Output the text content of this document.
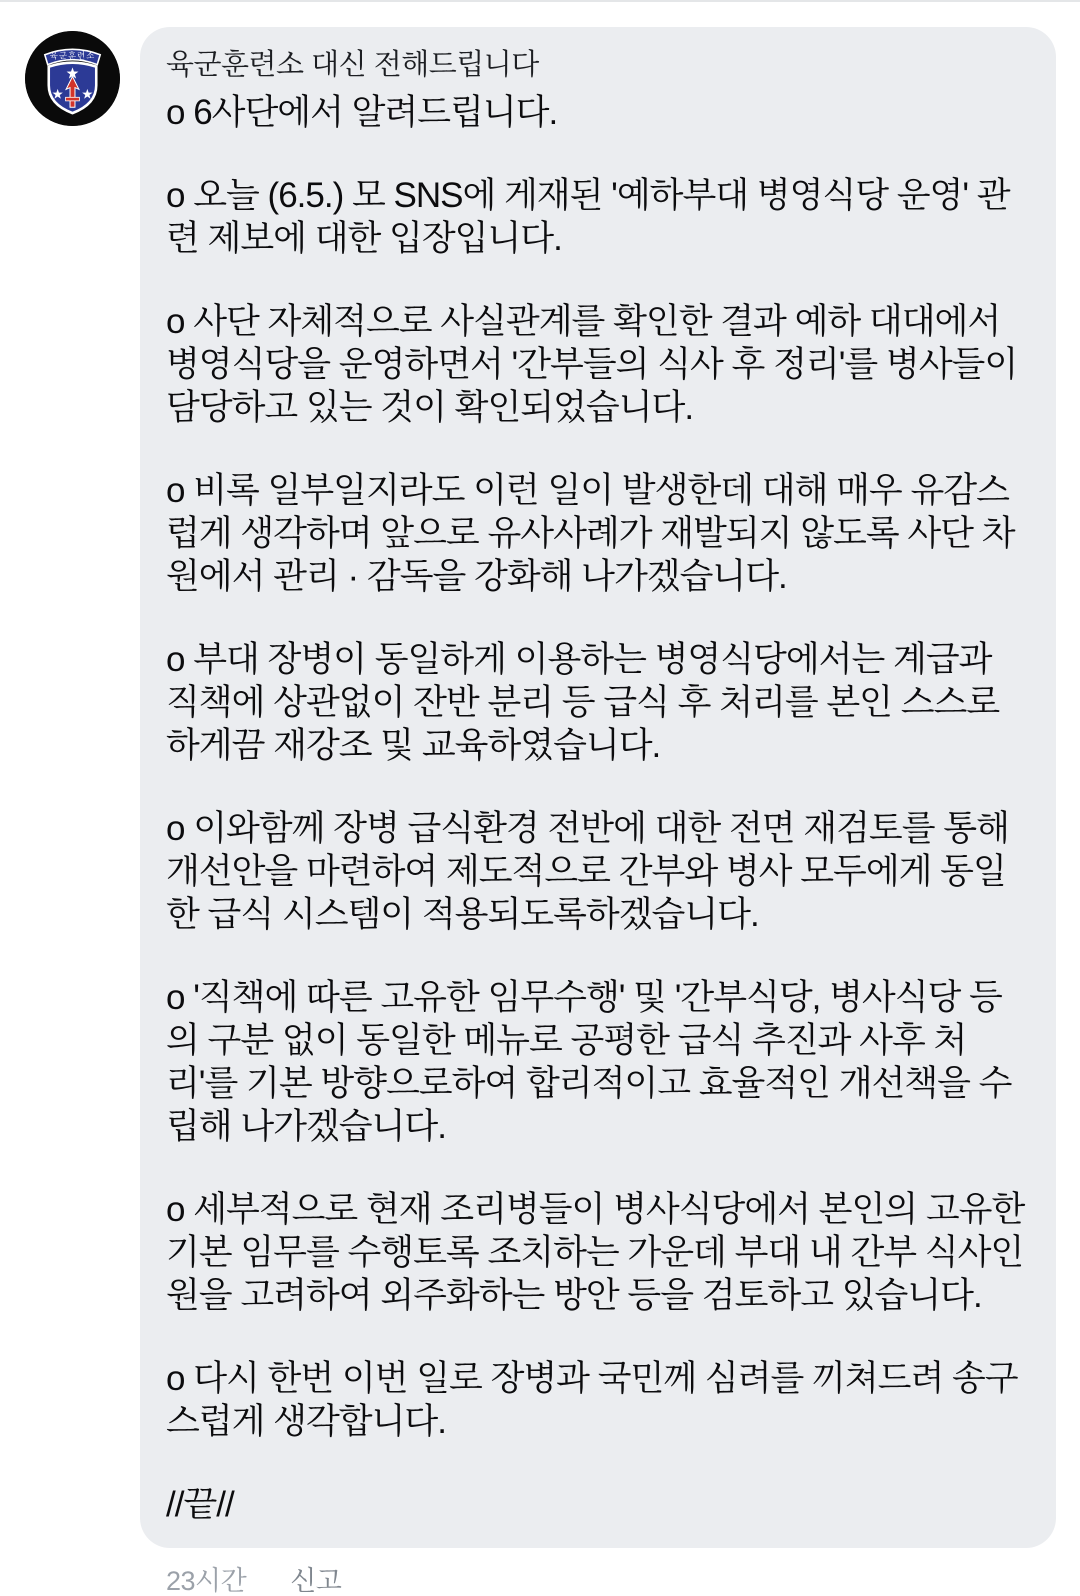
육군훈련소 육군훈련소 대신 전해드립니다

o 6사단에서 알려드립니다.

o 오늘 (6.5.) 모 SNS에 게재된 '예하부대 병영식당 운영' 관련 제보에 대한 입장입니다.

o 사단 자체적으로 사실관계를 확인한 결과 예하 대대에서 병영식당을 운영하면서 '간부들의 식사 후 정리'를 병사들이 담당하고 있는 것이 확인되었습니다.

o 비록 일부일지라도 이런 일이 발생한데 대해 매우 유감스럽게 생각하며 앞으로 유사사례가 재발되지 않도록 사단 차원에서 관리 · 감독을 강화해 나가겠습니다.

o 부대 장병이 동일하게 이용하는 병영식당에서는 계급과 직책에 상관없이 잔반 분리 등 급식 후 처리를 본인 스스로 하게끔 재강조 및 교육하였습니다.

o 이와함께 장병 급식환경 전반에 대한 전면 재검토를 통해 개선안을 마련하여 제도적으로 간부와 병사 모두에게 동일한 급식 시스템이 적용되도록하겠습니다.

o '직책에 따른 고유한 임무수행' 및 '간부식당, 병사식당 등의 구분 없이 동일한 메뉴로 공평한 급식 추진과 사후 처리'를 기본 방향으로하여 합리적이고 효율적인 개선책을 수립해 나가겠습니다.

o 세부적으로 현재 조리병들이 병사식당에서 본인의 고유한 기본 임무를 수행토록 조치하는 가운데 부대 내 간부 식사인원을 고려하여 외주화하는 방안 등을 검토하고 있습니다.

o 다시 한번 이번 일로 장병과 국민께 심려를 끼쳐드려 송구스럽게 생각합니다.

//끝//

23시간 신고
